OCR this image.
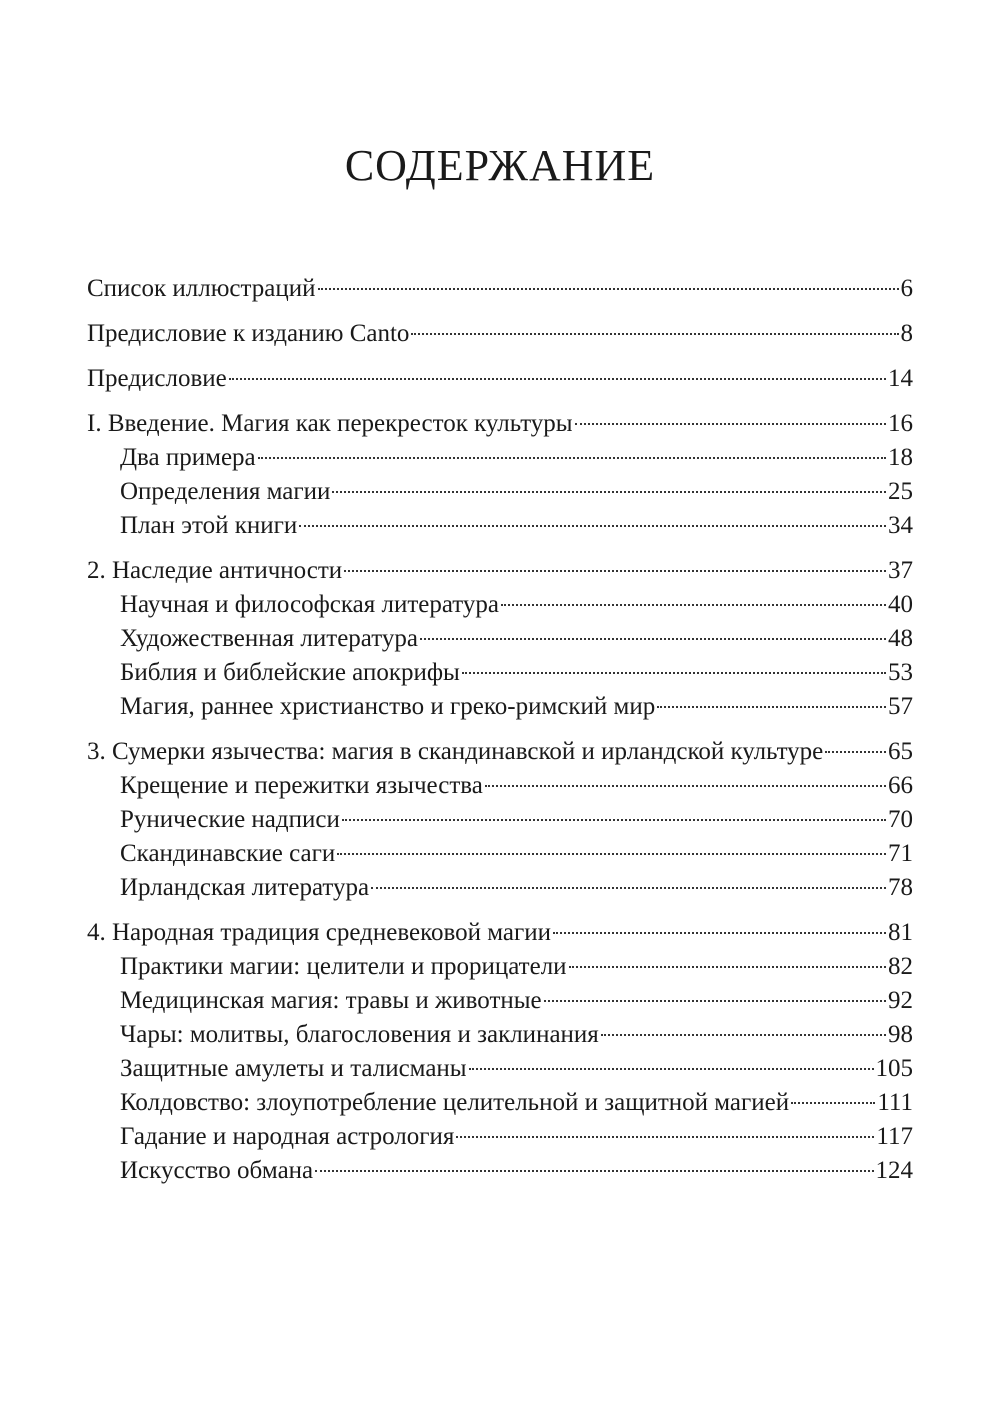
СОДЕРЖАНИЕ
Список иллюстраций	6
Предисловие к изданию Canto	8
Предисловие	14
I. Введение. Магия как перекресток культуры	16
Два примера	18
Определения магии	25
План этой книги	34
2. Наследие античности	37
Научная и философская литература	40
Художественная литература	48
Библия и библейские апокрифы	53
Магия, раннее христианство и греко-римский мир	57
3. Сумерки язычества: магия в скандинавской и ирландской культуре	65
Крещение и пережитки язычества	66
Рунические надписи	70
Скандинавские саги	71
Ирландская литература	78
4. Народная традиция средневековой магии	81
Практики магии: целители и прорицатели	82
Медицинская магия: травы и животные	92
Чары: молитвы, благословения и заклинания	98
Защитные амулеты и талисманы	105
Колдовство: злоупотребление целительной и защитной магией	111
Гадание и народная астрология	117
Искусство обмана	124
